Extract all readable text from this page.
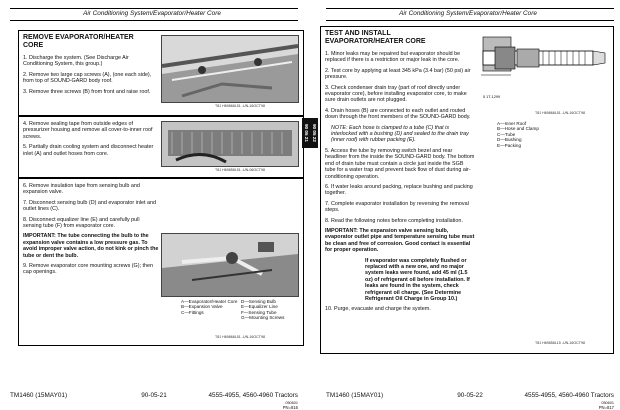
Air Conditioning System/Evaporator/Heater Core
REMOVE EVAPORATOR/HEATER CORE

1. Discharge the system. (See Discharge Air Conditioning System, this group.)

2. Remove two large cap screws (A), (one each side), from top of SOUND-GARD body roof.

3. Remove three screws (B) from front and raise roof.

T81 H69868L51 -UN-16OCT98

4. Remove sealing tape from outside edges of pressurizer housing and remove all cover-to-inner roof screws.

5. Partially drain cooling system and disconnect heater inlet (A) and outlet hoses from core.

T81 H69858L51 -UN-06OCT98

6. Remove insulation tape from sensing bulb and expansion valve.

7. Disconnect sensing bulb (D) and evaporator inlet and outlet lines (C).

8. Disconnect equalizer line (E) and carefully pull sensing tube (F) from evaporator core.

IMPORTANT: The tube connecting the bulb to the expansion valve contains a low pressure gas. To avoid improper valve action, do not kink or pinch the tube or dent the bulb.

9. Remove evaporator core mounting screws (G); then cap openings.

A—Evaporator/Heater Core
B—Expansion Valve
C—Fittings
D—Sensing Bulb
E—Equalizer Line
F—Sensing Tube
G—Mounting Screws
T81 H69868L51 -UN-16OCT98
TM1460 (15MAY01)	90-05-21	4555-4955, 4560-4960 Tractors
050601
PN=816
90 05 21 90 05 22
Air Conditioning System/Evaporator/Heater Core
TEST AND INSTALL
EVAPORATOR/HEATER CORE

1. Minor leaks may be repaired but evaporator should be replaced if there is a restriction or major leak in the core.

2. Test core by applying at least 345 kPa (3.4 bar) (50 psi) air pressure.

3. Check condenser drain tray (part of roof directly under evaporator core), before installing evaporator core, to make sure drain outlets are not plugged.

4. Drain hoses (B) are connected to each outlet and routed down through the front members of the SOUND-GARD body.

NOTE: Each hose is clamped to a tube (C) that is interlocked with a bushing (D) and sealed to the drain tray (inner roof) with rubber packing (E).

5. Access the tube by removing switch bezel and rear headliner from the inside the SOUND-GARD body. The bottom end of drain tube must contain a circle just inside the SGB tube for a water trap and prevent back flow of dust during air-conditioning operation.

6. If water leaks around packing, replace bushing and packing together.

7. Complete evaporator installation by reversing the removal steps.

8. Read the following notes before completing installation.

IMPORTANT: The expansion valve sensing bulb, evaporator outlet pipe and temperature sensing tube must be clean and free of corrosion. Good contact is essential for proper operation.

If evaporator was completely flushed or replaced with a new one, and no major system leaks were found, add 45 ml (1.5 oz) of refrigerant oil before installation. If leaks are found in the system, check refrigerant oil charge. (See Determine Refrigerant Oil Charge in Group 10.)

10. Purge, evacuate and charge the system.

5 1T-1299
T81 H69868L51 -UN-16OCT98
A—Inner Roof
B—Hose and Clamp
C—Tube
D—Bushing
E—Packing
T81 H69858L15 -UN-16OCT98
TM1460 (15MAY01)	90-05-22	4555-4955, 4560-4960 Tractors
050601
PN=817
